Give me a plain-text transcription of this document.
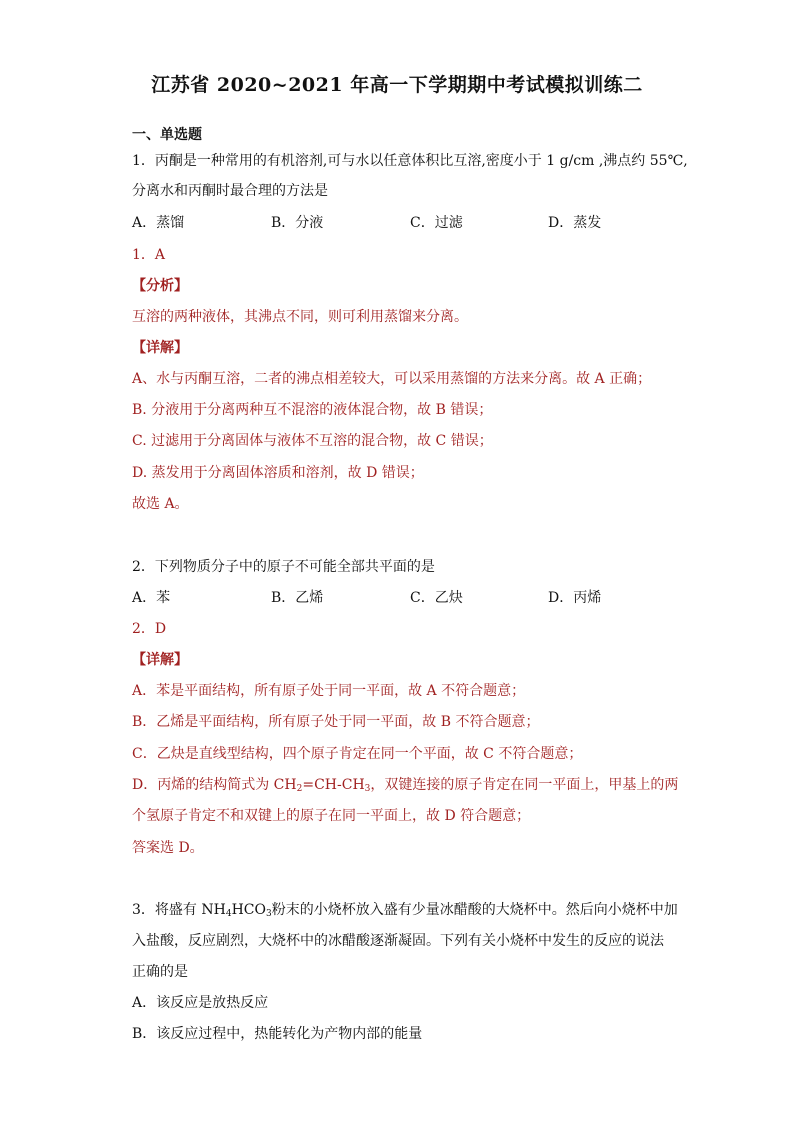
江苏省 2020~2021 年高一下学期期中考试模拟训练二
一、单选题
1．丙酮是一种常用的有机溶剂,可与水以任意体积比互溶,密度小于 1 g/cm ,沸点约 55℃,
分离水和丙酮时最合理的方法是
A．蒸馏	B．分液	C．过滤	D．蒸发
1．A
【分析】
互溶的两种液体，其沸点不同，则可利用蒸馏来分离。
【详解】
A、水与丙酮互溶，二者的沸点相差较大，可以采用蒸馏的方法来分离。故 A 正确；
B. 分液用于分离两种互不混溶的液体混合物，故 B 错误；
C. 过滤用于分离固体与液体不互溶的混合物，故 C 错误；
D. 蒸发用于分离固体溶质和溶剂，故 D 错误；
故选 A。
2．下列物质分子中的原子不可能全部共平面的是
A．苯	B．乙烯	C．乙炔	D．丙烯
2．D
【详解】
A．苯是平面结构，所有原子处于同一平面，故 A 不符合题意；
B．乙烯是平面结构，所有原子处于同一平面，故 B 不符合题意；
C．乙炔是直线型结构，四个原子肯定在同一个平面，故 C 不符合题意；
D．丙烯的结构简式为 $CH_2=CH-CH_3$，双键连接的原子肯定在同一平面上，甲基上的两
个氢原子肯定不和双键上的原子在同一平面上，故 D 符合题意；
答案选 D。
3．将盛有 $NH_4HCO_3$粉末的小烧杯放入盛有少量冰醋酸的大烧杯中。然后向小烧杯中加
入盐酸，反应剧烈，大烧杯中的冰醋酸逐渐凝固。下列有关小烧杯中发生的反应的说法
正确的是
A．该反应是放热反应
B．该反应过程中，热能转化为产物内部的能量
